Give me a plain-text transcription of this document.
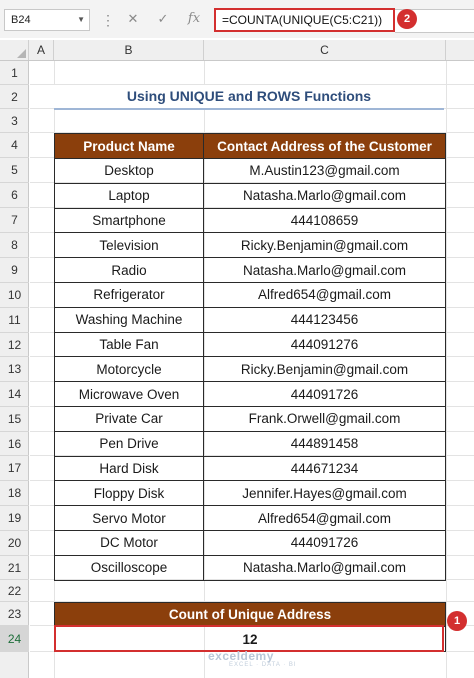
B24	▼ ⋮	✕	✓	fx	=COUNTA(UNIQUE(C5:C21))	2
A	B	C
1
2
3
4
5
6
7
8
9
10
11
12
13
14
15
16
17
18
19
20
21
22
23
24
Using UNIQUE and ROWS Functions
Product Name	Contact Address of the Customer
Desktop	M.Austin123@gmail.com
Laptop	Natasha.Marlo@gmail.com
Smartphone	444108659
Television	Ricky.Benjamin@gmail.com
Radio	Natasha.Marlo@gmail.com
Refrigerator	Alfred654@gmail.com
Washing Machine	444123456
Table Fan	444091276
Motorcycle	Ricky.Benjamin@gmail.com
Microwave Oven	444091726
Private Car	Frank.Orwell@gmail.com
Pen Drive	444891458
Hard Disk	444671234
Floppy Disk	Jennifer.Hayes@gmail.com
Servo Motor	Alfred654@gmail.com
DC Motor	444091726
Oscilloscope	Natasha.Marlo@gmail.com
Count of Unique Address
12
exceldemy
EXCEL · DATA · BI
1
